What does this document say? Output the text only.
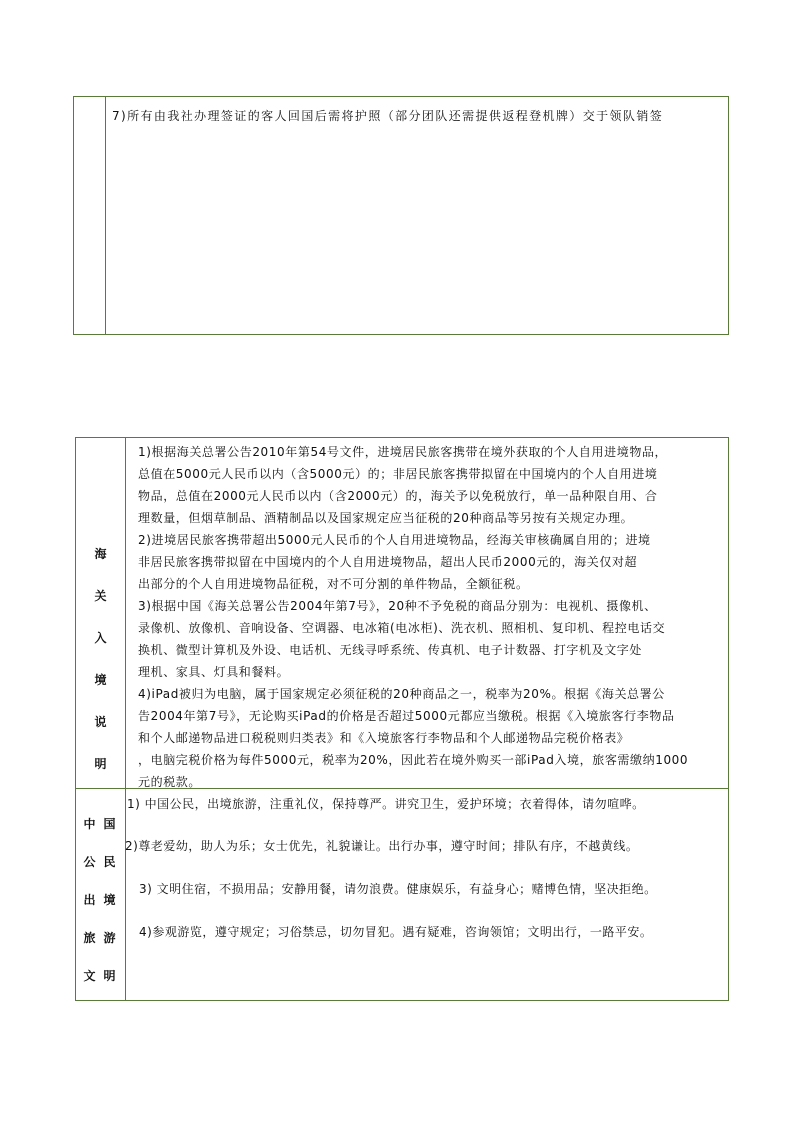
7)所有由我社办理签证的客人回国后需将护照（部分团队还需提供返程登机牌）交于领队销签
海
关
入
境
说
明

1)根据海关总署公告2010年第54号文件，进境居民旅客携带在境外获取的个人自用进境物品，
总值在5000元人民币以内（含5000元）的；非居民旅客携带拟留在中国境内的个人自用进境
物品，总值在2000元人民币以内（含2000元）的，海关予以免税放行，单一品种限自用、合
理数量，但烟草制品、酒精制品以及国家规定应当征税的20种商品等另按有关规定办理。

2)进境居民旅客携带超出5000元人民币的个人自用进境物品，经海关审核确属自用的；进境
非居民旅客携带拟留在中国境内的个人自用进境物品，超出人民币2000元的，海关仅对超
出部分的个人自用进境物品征税，对不可分割的单件物品，全额征税。

3)根据中国《海关总署公告2004年第7号》，20种不予免税的商品分别为：电视机、摄像机、
录像机、放像机、音响设备、空调器、电冰箱(电冰柜)、洗衣机、照相机、复印机、程控电话交
换机、微型计算机及外设、电话机、无线寻呼系统、传真机、电子计数器、打字机及文字处
理机、家具、灯具和餐料。

4)iPad被归为电脑，属于国家规定必须征税的20种商品之一，税率为20%。根据《海关总署公
告2004年第7号》，无论购买iPad的价格是否超过5000元都应当缴税。根据《入境旅客行李物品
和个人邮递物品进口税税则归类表》和《入境旅客行李物品和个人邮递物品完税价格表》
，电脑完税价格为每件5000元，税率为20%，因此若在境外购买一部iPad入境，旅客需缴纳1000
元的税款。

中国
公民
出境
旅游
文明
1) 中国公民，出境旅游，注重礼仪，保持尊严。讲究卫生，爱护环境；衣着得体，请勿喧哗。
2)尊老爱幼，助人为乐；女士优先，礼貌谦让。出行办事，遵守时间；排队有序，不越黄线。
3) 文明住宿，不损用品；安静用餐，请勿浪费。健康娱乐，有益身心；赌博色情，坚决拒绝。
4)参观游览，遵守规定；习俗禁忌，切勿冒犯。遇有疑难，咨询领馆；文明出行，一路平安。
